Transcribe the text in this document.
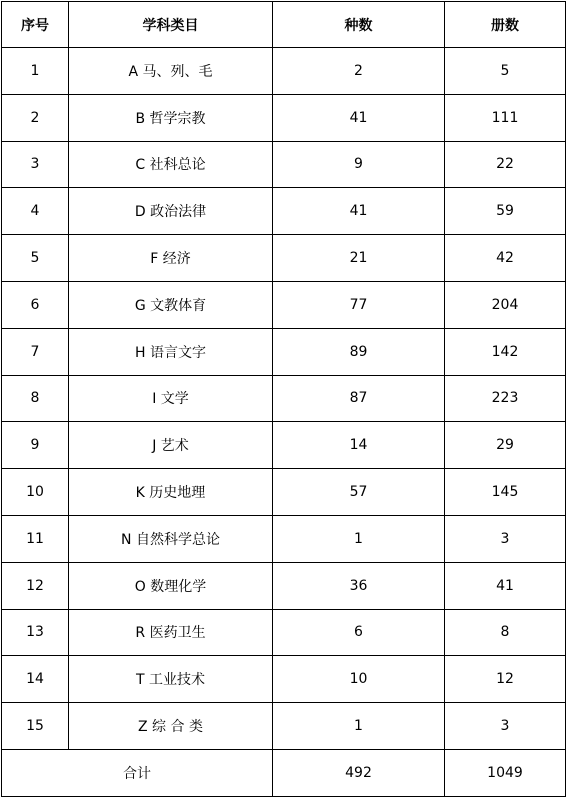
序号	学科类目	种数	册数
1	A 马、列、毛	2	5
2	B 哲学宗教	41	111
3	C 社科总论	9	22
4	D 政治法律	41	59
5	F 经济	21	42
6	G 文教体育	77	204
7	H 语言文字	89	142
8	I 文学	87	223
9	J 艺术	14	29
10	K 历史地理	57	145
11	N 自然科学总论	1	3
12	O 数理化学	36	41
13	R 医药卫生	6	8
14	T 工业技术	10	12
15	Z 综 合 类	1	3
合计		492	1049
